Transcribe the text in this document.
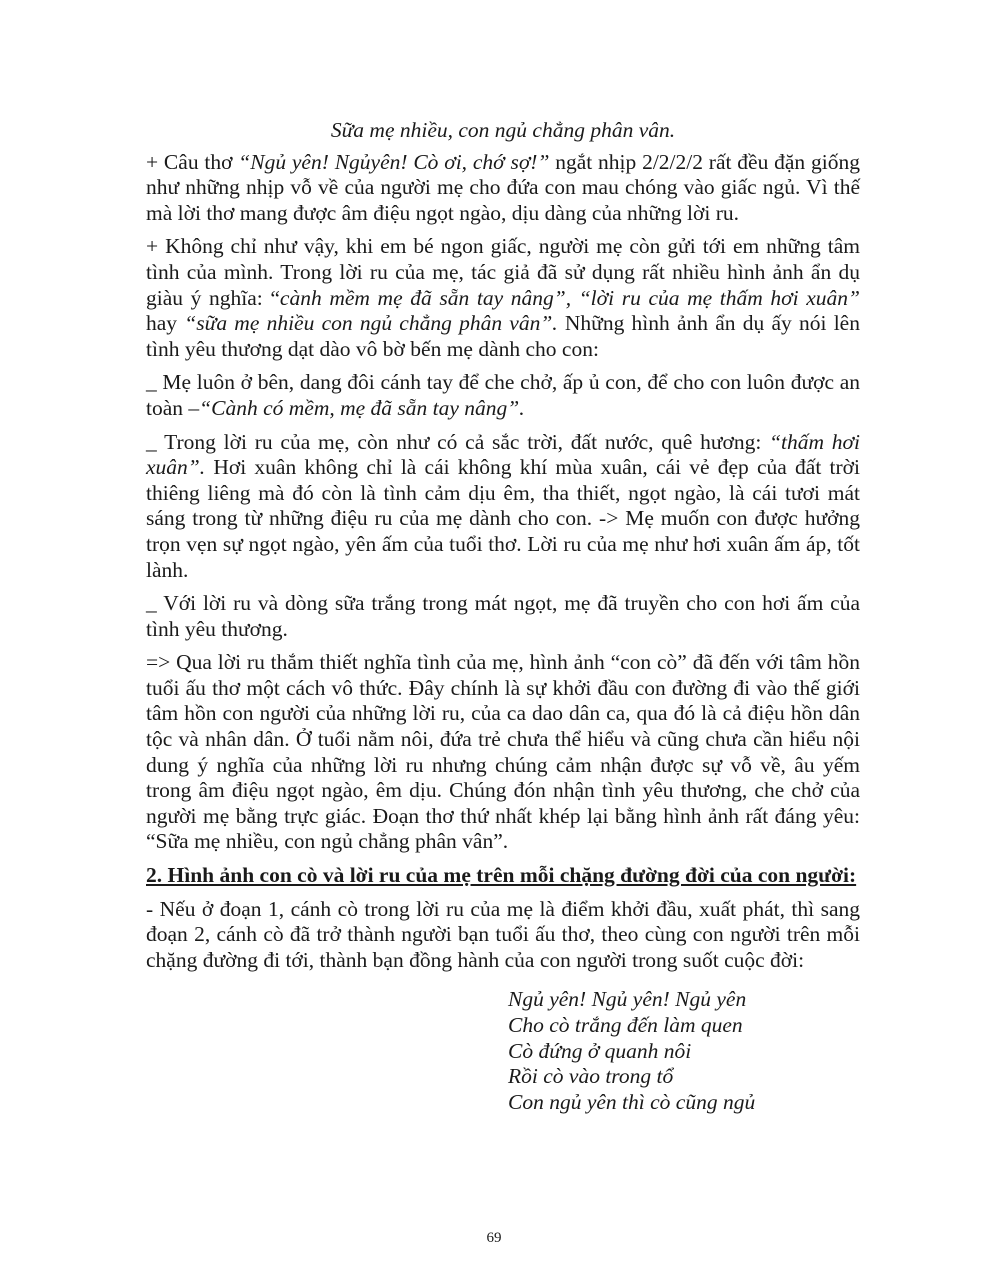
Sữa mẹ nhiều, con ngủ chẳng phân vân.

+ Câu thơ “Ngủ yên! Ngủyên! Cò ơi, chớ sợ!” ngắt nhịp 2/2/2/2 rất đều đặn giống như những nhịp vỗ về của người mẹ cho đứa con mau chóng vào giấc ngủ. Vì thế mà lời thơ mang được âm điệu ngọt ngào, dịu dàng của những lời ru.

+ Không chỉ như vậy, khi em bé ngon giấc, người mẹ còn gửi tới em những tâm tình của mình. Trong lời ru của mẹ, tác giả đã sử dụng rất nhiều hình ảnh ẩn dụ giàu ý nghĩa: “cành mềm mẹ đã sẵn tay nâng”, “lời ru của mẹ thấm hơi xuân” hay “sữa mẹ nhiều con ngủ chẳng phân vân”. Những hình ảnh ẩn dụ ấy nói lên tình yêu thương dạt dào vô bờ bến mẹ dành cho con:

_ Mẹ luôn ở bên, dang đôi cánh tay để che chở, ấp ủ con, để cho con luôn được an toàn –“Cành có mềm, mẹ đã sẵn tay nâng”.

_ Trong lời ru của mẹ, còn như có cả sắc trời, đất nước, quê hương: “thấm hơi xuân”. Hơi xuân không chỉ là cái không khí mùa xuân, cái vẻ đẹp của đất trời thiêng liêng mà đó còn là tình cảm dịu êm, tha thiết, ngọt ngào, là cái tươi mát sáng trong từ những điệu ru của mẹ dành cho con. -> Mẹ muốn con được hưởng trọn vẹn sự ngọt ngào, yên ấm của tuổi thơ. Lời ru của mẹ như hơi xuân ấm áp, tốt lành.

_ Với lời ru và dòng sữa trắng trong mát ngọt, mẹ đã truyền cho con hơi ấm của tình yêu thương.

=> Qua lời ru thắm thiết nghĩa tình của mẹ, hình ảnh “con cò” đã đến với tâm hồn tuổi ấu thơ một cách vô thức. Đây chính là sự khởi đầu con đường đi vào thế giới tâm hồn con người của những lời ru, của ca dao dân ca, qua đó là cả điệu hồn dân tộc và nhân dân. Ở tuổi nằm nôi, đứa trẻ chưa thể hiểu và cũng chưa cần hiểu nội dung ý nghĩa của những lời ru nhưng chúng cảm nhận được sự vỗ về, âu yếm trong âm điệu ngọt ngào, êm dịu. Chúng đón nhận tình yêu thương, che chở của người mẹ bằng trực giác. Đoạn thơ thứ nhất khép lại bằng hình ảnh rất đáng yêu: “Sữa mẹ nhiều, con ngủ chẳng phân vân”.

2. Hình ảnh con cò và lời ru của mẹ trên mỗi chặng đường đời của con người:

- Nếu ở đoạn 1, cánh cò trong lời ru của mẹ là điểm khởi đầu, xuất phát, thì sang đoạn 2, cánh cò đã trở thành người bạn tuổi ấu thơ, theo cùng con người trên mỗi chặng đường đi tới, thành bạn đồng hành của con người trong suốt cuộc đời:

Ngủ yên! Ngủ yên! Ngủ yên
Cho cò trắng đến làm quen
Cò đứng ở quanh nôi
Rồi cò vào trong tổ
Con ngủ yên thì cò cũng ngủ
69
